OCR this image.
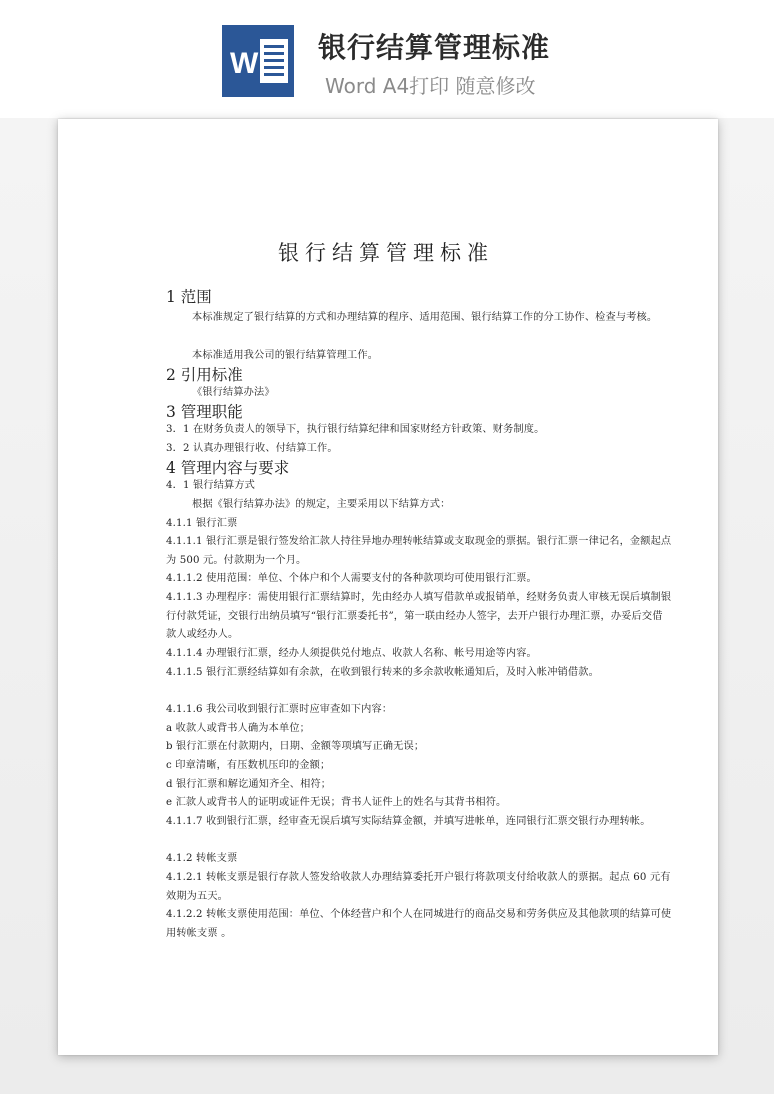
W 银行结算管理标准
Word A4打印 随意修改
银行结算管理标准
1 范围
本标准规定了银行结算的方式和办理结算的程序、适用范围、银行结算工作的分工协作、检查与考核。
本标准适用我公司的银行结算管理工作。
2 引用标准
《银行结算办法》
3 管理职能
3．1 在财务负责人的领导下，执行银行结算纪律和国家财经方针政策、财务制度。
3．2 认真办理银行收、付结算工作。
4 管理内容与要求
4．1 银行结算方式
根据《银行结算办法》的规定，主要采用以下结算方式：
4.1.1 银行汇票
4.1.1.1 银行汇票是银行签发给汇款人持往异地办理转帐结算或支取现金的票据。银行汇票一律记名，金额起点为 500 元。付款期为一个月。
4.1.1.2 使用范围：单位、个体户和个人需要支付的各种款项均可使用银行汇票。
4.1.1.3 办理程序：需使用银行汇票结算时，先由经办人填写借款单或报销单，经财务负责人审核无误后填制银行付款凭证，交银行出纳员填写“银行汇票委托书”，第一联由经办人签字，去开户银行办理汇票，办妥后交借款人或经办人。
4.1.1.4 办理银行汇票，经办人须提供兑付地点、收款人名称、帐号用途等内容。
4.1.1.5 银行汇票经结算如有余款，在收到银行转来的多余款收帐通知后，及时入帐冲销借款。
4.1.1.6 我公司收到银行汇票时应审查如下内容：
a 收款人或背书人确为本单位；
b 银行汇票在付款期内，日期、金额等项填写正确无误；
c 印章清晰，有压数机压印的金额；
d 银行汇票和解讫通知齐全、相符；
e 汇款人或背书人的证明或证件无误；背书人证件上的姓名与其背书相符。
4.1.1.7 收到银行汇票，经审查无误后填写实际结算金额，并填写进帐单，连同银行汇票交银行办理转帐。
4.1.2 转帐支票
4.1.2.1 转帐支票是银行存款人签发给收款人办理结算委托开户银行将款项支付给收款人的票据。起点 60 元有效期为五天。
4.1.2.2 转帐支票使用范围：单位、个体经营户和个人在同城进行的商品交易和劳务供应及其他款项的结算可使用转帐支票 。
